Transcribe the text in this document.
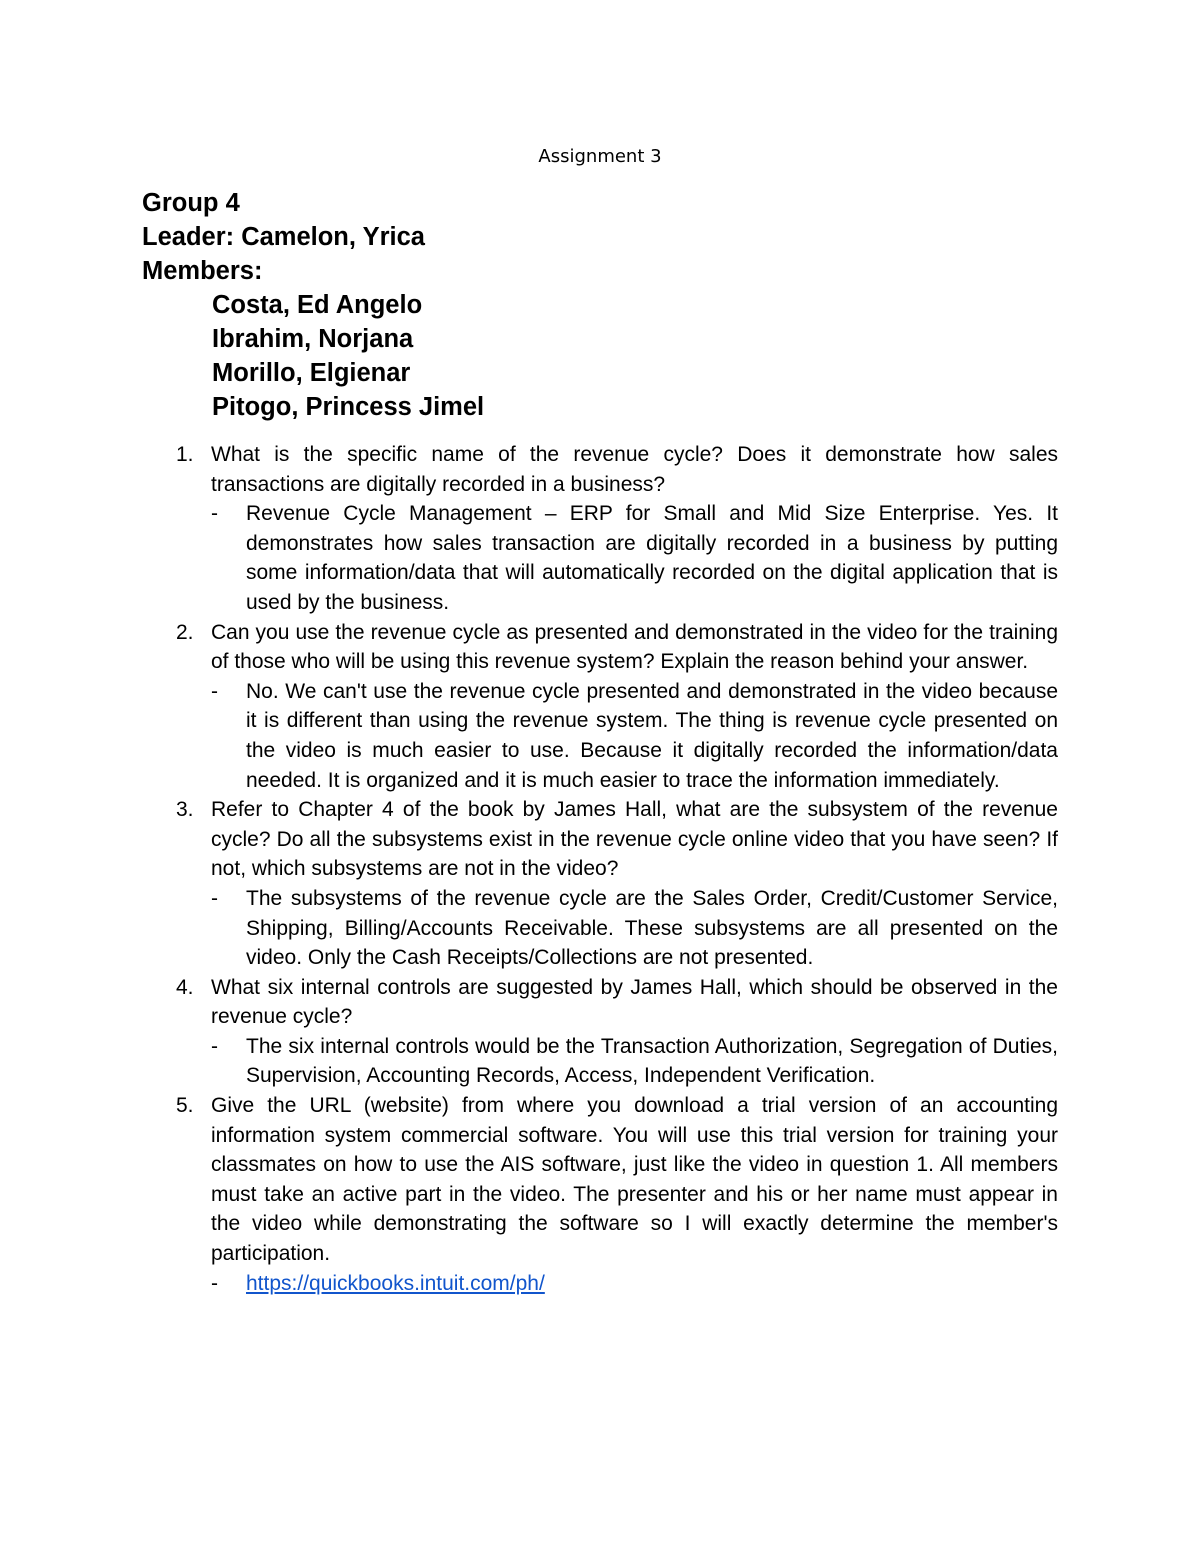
Assignment 3
Group 4
Leader: Camelon, Yrica
Members:
Costa, Ed Angelo
Ibrahim, Norjana
Morillo, Elgienar
Pitogo, Princess Jimel
1. What is the specific name of the revenue cycle? Does it demonstrate how sales transactions are digitally recorded in a business?
- Revenue Cycle Management – ERP for Small and Mid Size Enterprise. Yes. It demonstrates how sales transaction are digitally recorded in a business by putting some information/data that will automatically recorded on the digital application that is used by the business.
2. Can you use the revenue cycle as presented and demonstrated in the video for the training of those who will be using this revenue system? Explain the reason behind your answer.
- No. We can't use the revenue cycle presented and demonstrated in the video because it is different than using the revenue system. The thing is revenue cycle presented on the video is much easier to use. Because it digitally recorded the information/data needed. It is organized and it is much easier to trace the information immediately.
3. Refer to Chapter 4 of the book by James Hall, what are the subsystem of the revenue cycle? Do all the subsystems exist in the revenue cycle online video that you have seen? If not, which subsystems are not in the video?
- The subsystems of the revenue cycle are the Sales Order, Credit/Customer Service, Shipping, Billing/Accounts Receivable. These subsystems are all presented on the video. Only the Cash Receipts/Collections are not presented.
4. What six internal controls are suggested by James Hall, which should be observed in the revenue cycle?
- The six internal controls would be the Transaction Authorization, Segregation of Duties, Supervision, Accounting Records, Access, Independent Verification.
5. Give the URL (website) from where you download a trial version of an accounting information system commercial software. You will use this trial version for training your classmates on how to use the AIS software, just like the video in question 1. All members must take an active part in the video. The presenter and his or her name must appear in the video while demonstrating the software so I will exactly determine the member's participation.
- https://quickbooks.intuit.com/ph/
